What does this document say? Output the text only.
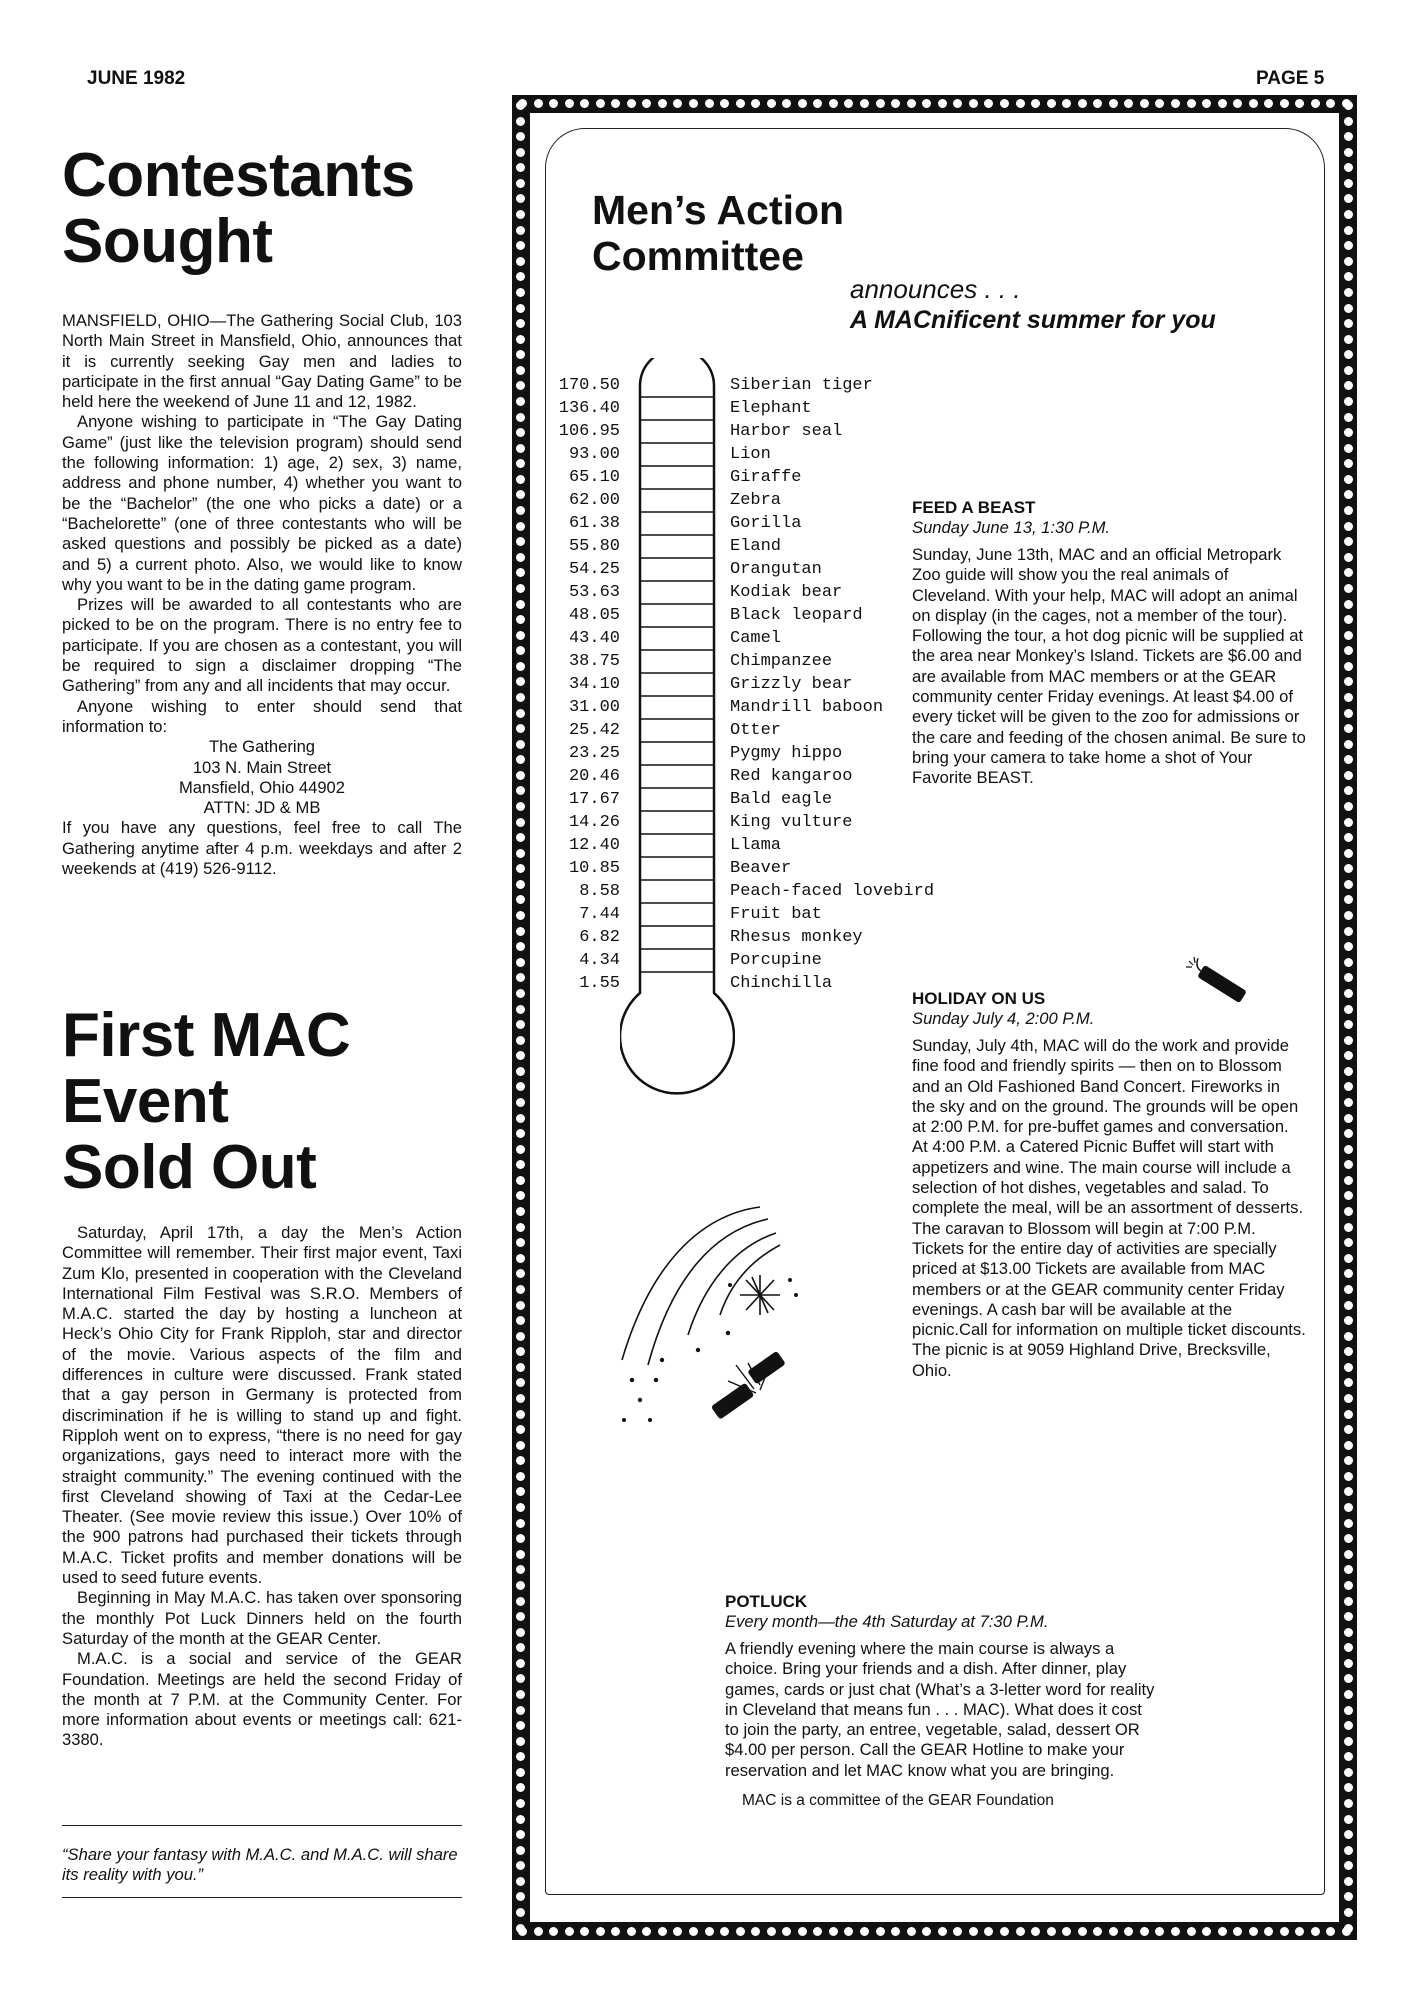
JUNE 1982	PAGE 5
Contestants
Sought

MANSFIELD, OHIO—The Gathering Social Club, 103 North Main Street in Mansfield, Ohio, announces that it is currently seeking Gay men and ladies to participate in the first annual “Gay Dating Game” to be held here the weekend of June 11 and 12, 1982.

Anyone wishing to participate in “The Gay Dating Game” (just like the television program) should send the following information: 1) age, 2) sex, 3) name, address and phone number, 4) whether you want to be the “Bachelor” (the one who picks a date) or a “Bachelorette” (one of three contestants who will be asked questions and possibly be picked as a date) and 5) a current photo. Also, we would like to know why you want to be in the dating game program.

Prizes will be awarded to all contestants who are picked to be on the program. There is no entry fee to participate. If you are chosen as a contestant, you will be required to sign a disclaimer dropping “The Gathering” from any and all incidents that may occur.

Anyone wishing to enter should send that information to:

The Gathering
103 N. Main Street
Mansfield, Ohio 44902
ATTN: JD & MB

If you have any questions, feel free to call The Gathering anytime after 4 p.m. weekdays and after 2 weekends at (419) 526-9112.

First MAC
Event
Sold Out

Saturday, April 17th, a day the Men’s Action Committee will remember. Their first major event, Taxi Zum Klo, presented in cooperation with the Cleveland International Film Festival was S.R.O. Members of M.A.C. started the day by hosting a luncheon at Heck’s Ohio City for Frank Ripploh, star and director of the movie. Various aspects of the film and differences in culture were discussed. Frank stated that a gay person in Germany is protected from discrimination if he is willing to stand up and fight. Ripploh went on to express, “there is no need for gay organizations, gays need to interact more with the straight community.” The evening continued with the first Cleveland showing of Taxi at the Cedar-Lee Theater. (See movie review this issue.) Over 10% of the 900 patrons had purchased their tickets through M.A.C. Ticket profits and member donations will be used to seed future events.

Beginning in May M.A.C. has taken over sponsoring the monthly Pot Luck Dinners held on the fourth Saturday of the month at the GEAR Center.

M.A.C. is a social and service of the GEAR Foundation. Meetings are held the second Friday of the month at 7 P.M. at the Community Center. For more information about events or meetings call: 621-3380.

“Share your fantasy with M.A.C. and M.A.C. will share its reality with you.”
Men’s Action
Committee
announces . . .
A MACnificent summer for you
170.50	Siberian tiger
136.40	Elephant
106.95	Harbor seal
93.00	Lion
65.10	Giraffe
62.00	Zebra
61.38	Gorilla
55.80	Eland
54.25	Orangutan
53.63	Kodiak bear
48.05	Black leopard
43.40	Camel
38.75	Chimpanzee
34.10	Grizzly bear
31.00	Mandrill baboon
25.42	Otter
23.25	Pygmy hippo
20.46	Red kangaroo
17.67	Bald eagle
14.26	King vulture
12.40	Llama
10.85	Beaver
8.58	Peach-faced lovebird
7.44	Fruit bat
6.82	Rhesus monkey
4.34	Porcupine
1.55	Chinchilla
FEED A BEAST
Sunday June 13, 1:30 P.M.
Sunday, June 13th, MAC and an official Metropark Zoo guide will show you the real animals of Cleveland. With your help, MAC will adopt an animal on display (in the cages, not a member of the tour). Following the tour, a hot dog picnic will be supplied at the area near Monkey’s Island. Tickets are $6.00 and are available from MAC members or at the GEAR community center Friday evenings. At least $4.00 of every ticket will be given to the zoo for admissions or the care and feeding of the chosen animal. Be sure to bring your camera to take home a shot of Your Favorite BEAST.
HOLIDAY ON US
Sunday July 4, 2:00 P.M.
Sunday, July 4th, MAC will do the work and provide fine food and friendly spirits — then on to Blossom and an Old Fashioned Band Concert. Fireworks in the sky and on the ground. The grounds will be open at 2:00 P.M. for pre-buffet games and conversation. At 4:00 P.M. a Catered Picnic Buffet will start with appetizers and wine. The main course will include a selection of hot dishes, vegetables and salad. To complete the meal, will be an assortment of desserts. The caravan to Blossom will begin at 7:00 P.M. Tickets for the entire day of activities are specially priced at $13.00 Tickets are available from MAC members or at the GEAR community center Friday evenings. A cash bar will be available at the picnic.Call for information on multiple ticket discounts. The picnic is at 9059 Highland Drive, Brecksville, Ohio.
POTLUCK
Every month—the 4th Saturday at 7:30 P.M.
A friendly evening where the main course is always a choice. Bring your friends and a dish. After dinner, play games, cards or just chat (What’s a 3-letter word for reality in Cleveland that means fun . . . MAC). What does it cost to join the party, an entree, vegetable, salad, dessert OR $4.00 per person. Call the GEAR Hotline to make your reservation and let MAC know what you are bringing.
MAC is a committee of the GEAR Foundation
